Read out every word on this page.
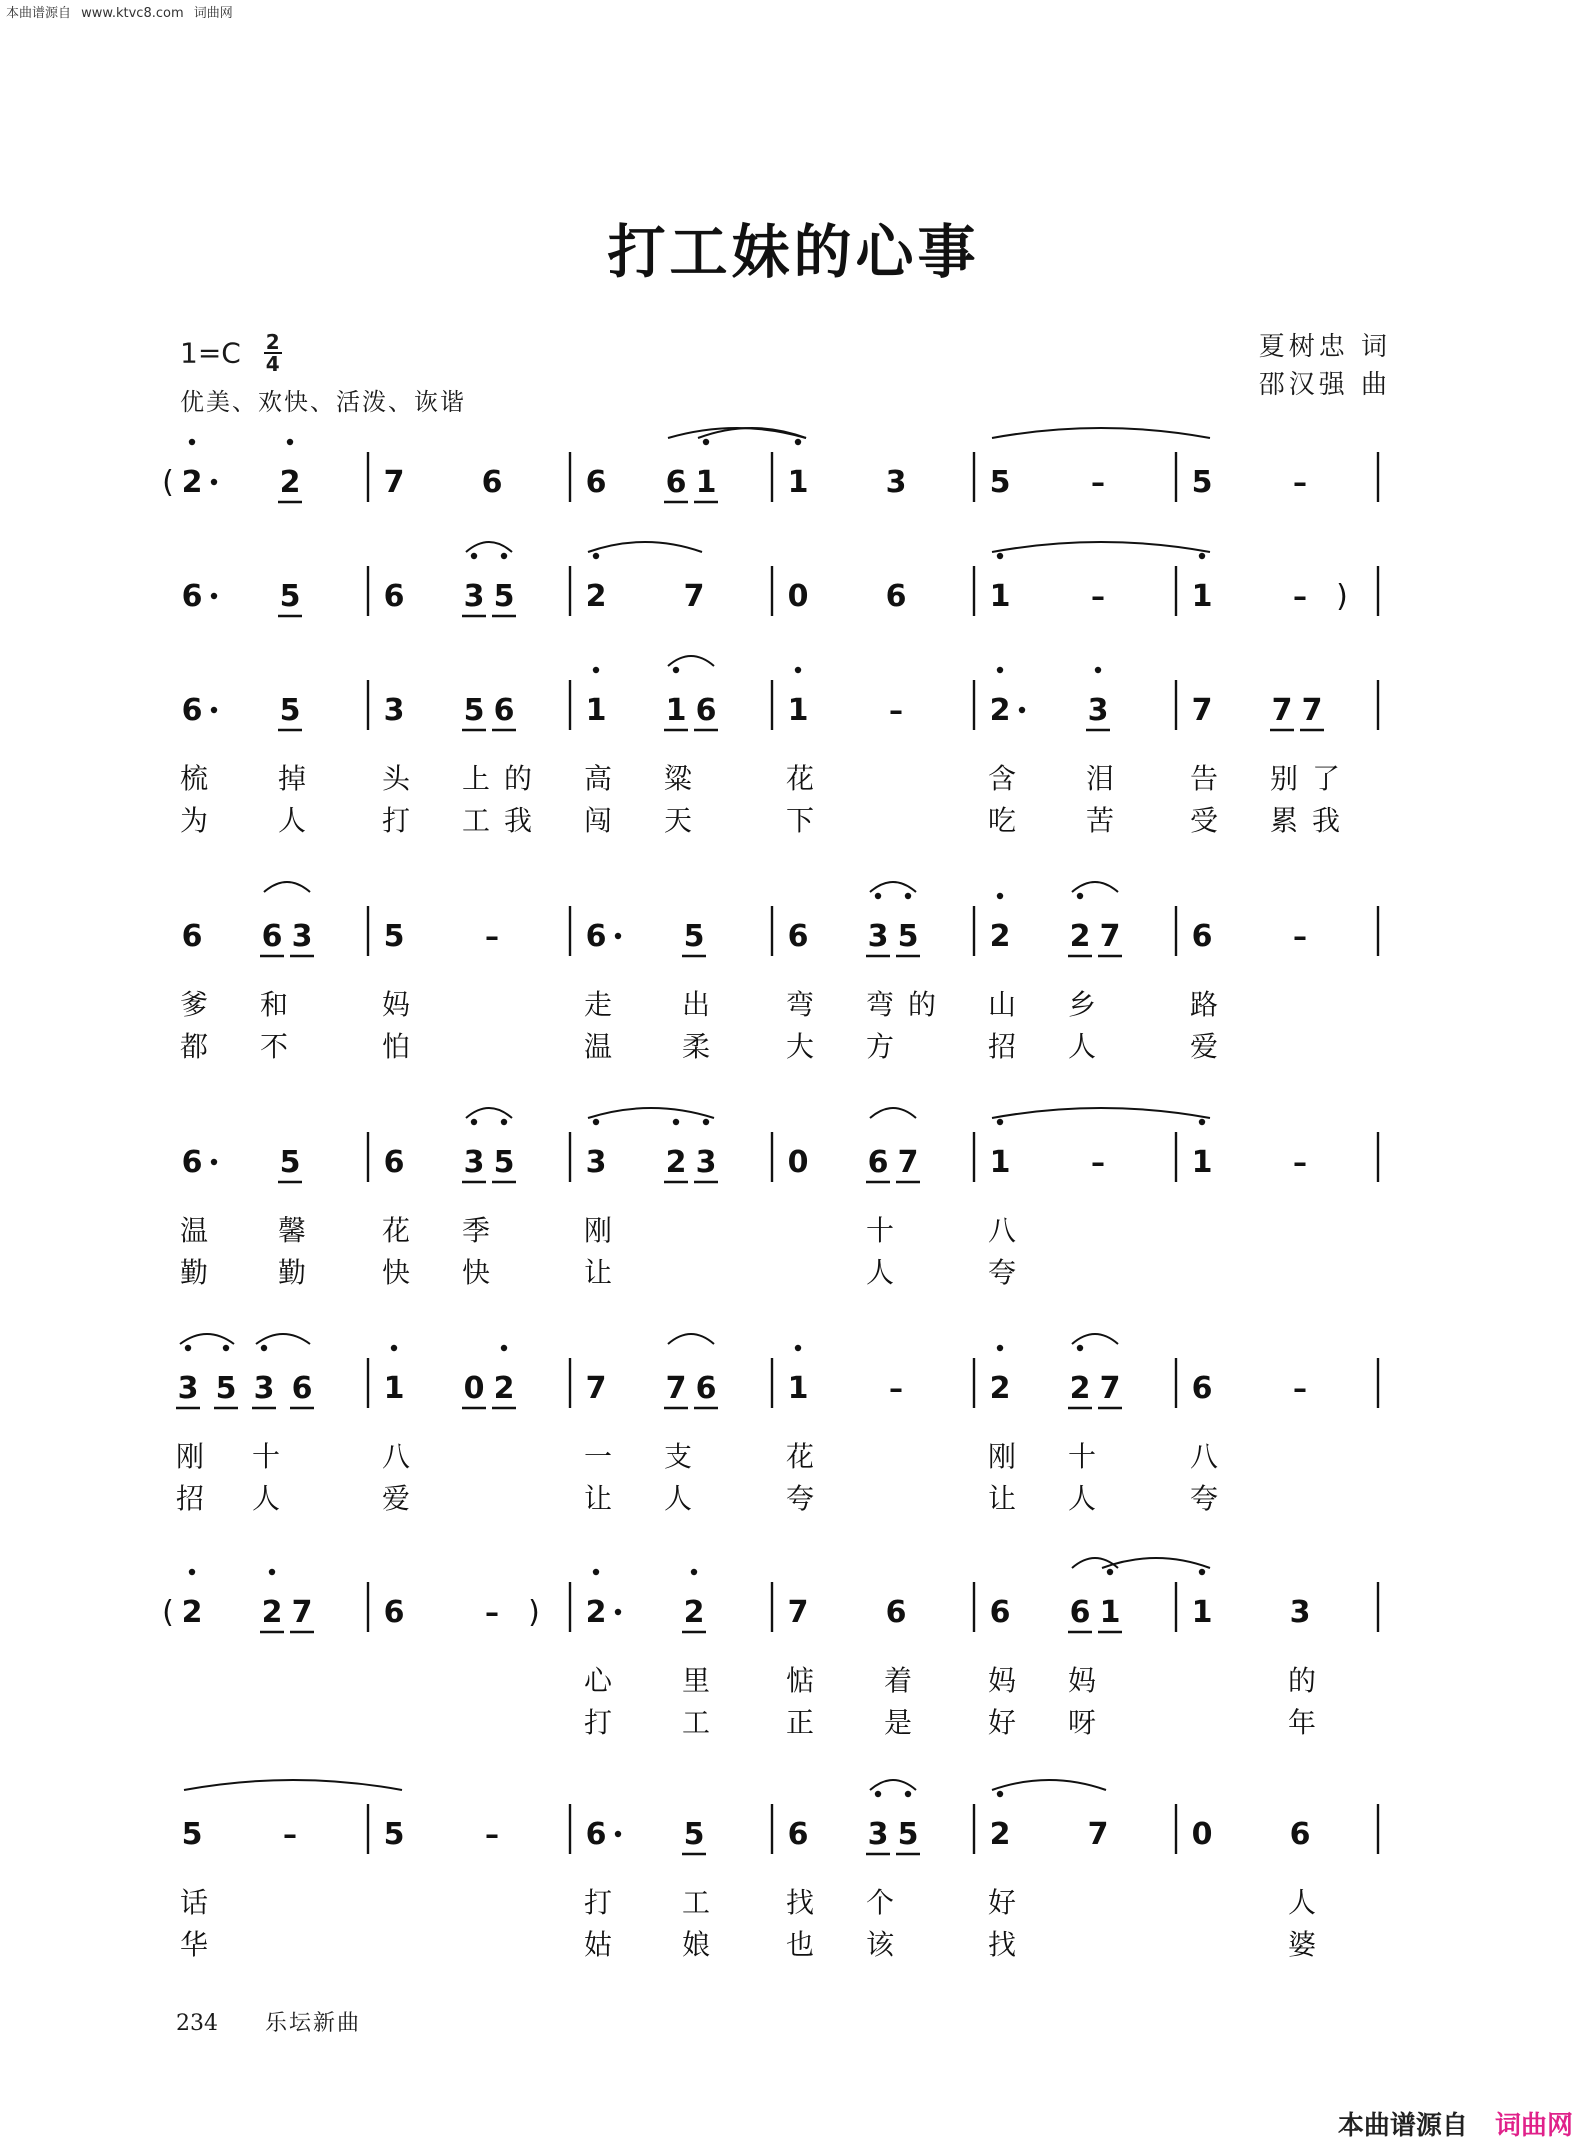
本曲谱源自 www.ktvc8.com 词曲网
打工妹的心事
$1=C \frac{2}{4}$
优美、欢快、活泼、诙谐
夏树忠 词
邵汉强 曲
( 2	2	7	6	6 6 1 1	3	5	–	5	–
6	5	6 3 5 2	7	0	6	1	–	1	– )
6	5	3 5 6 1 1 6 1	–	2	3	7 7 7
梳 掉 头 上的 高 粱	花	含 泪 告 别了
为 人 打 工我 闯 天	下	吃 苦 受 累我
6 6 3 5	–	6	5	6 3 5 2 2 7 6	–
爹 和	妈	走 出 弯 弯的 山 乡	路
都 不	怕	温 柔 大 方	招 人	爱
6	5	6 3 5 3 2 3 0 6 7 1	–	1	–
温 馨 花 季	刚	十	八
勤 勤 快 快	让	人	夸
3 5 3 6 1 0 2 7 7 6 1	–	2 2 7 6	–
刚 十	八	一 支	花	刚 十	八
招 人	爱	让 人	夸	让 人	夸
( 2 2 7 6	– ) 2	2	7	6	6 6 1 1	3
心 里 惦 着 妈 妈	的
打 工 正 是 好 呀	年
5	–	5	–	6	5	6 3 5 2	7	0	6
话	打 工 找 个	好	人
华	姑 娘 也 该	找	婆
234 乐坛新曲
本曲谱源自 词曲网
